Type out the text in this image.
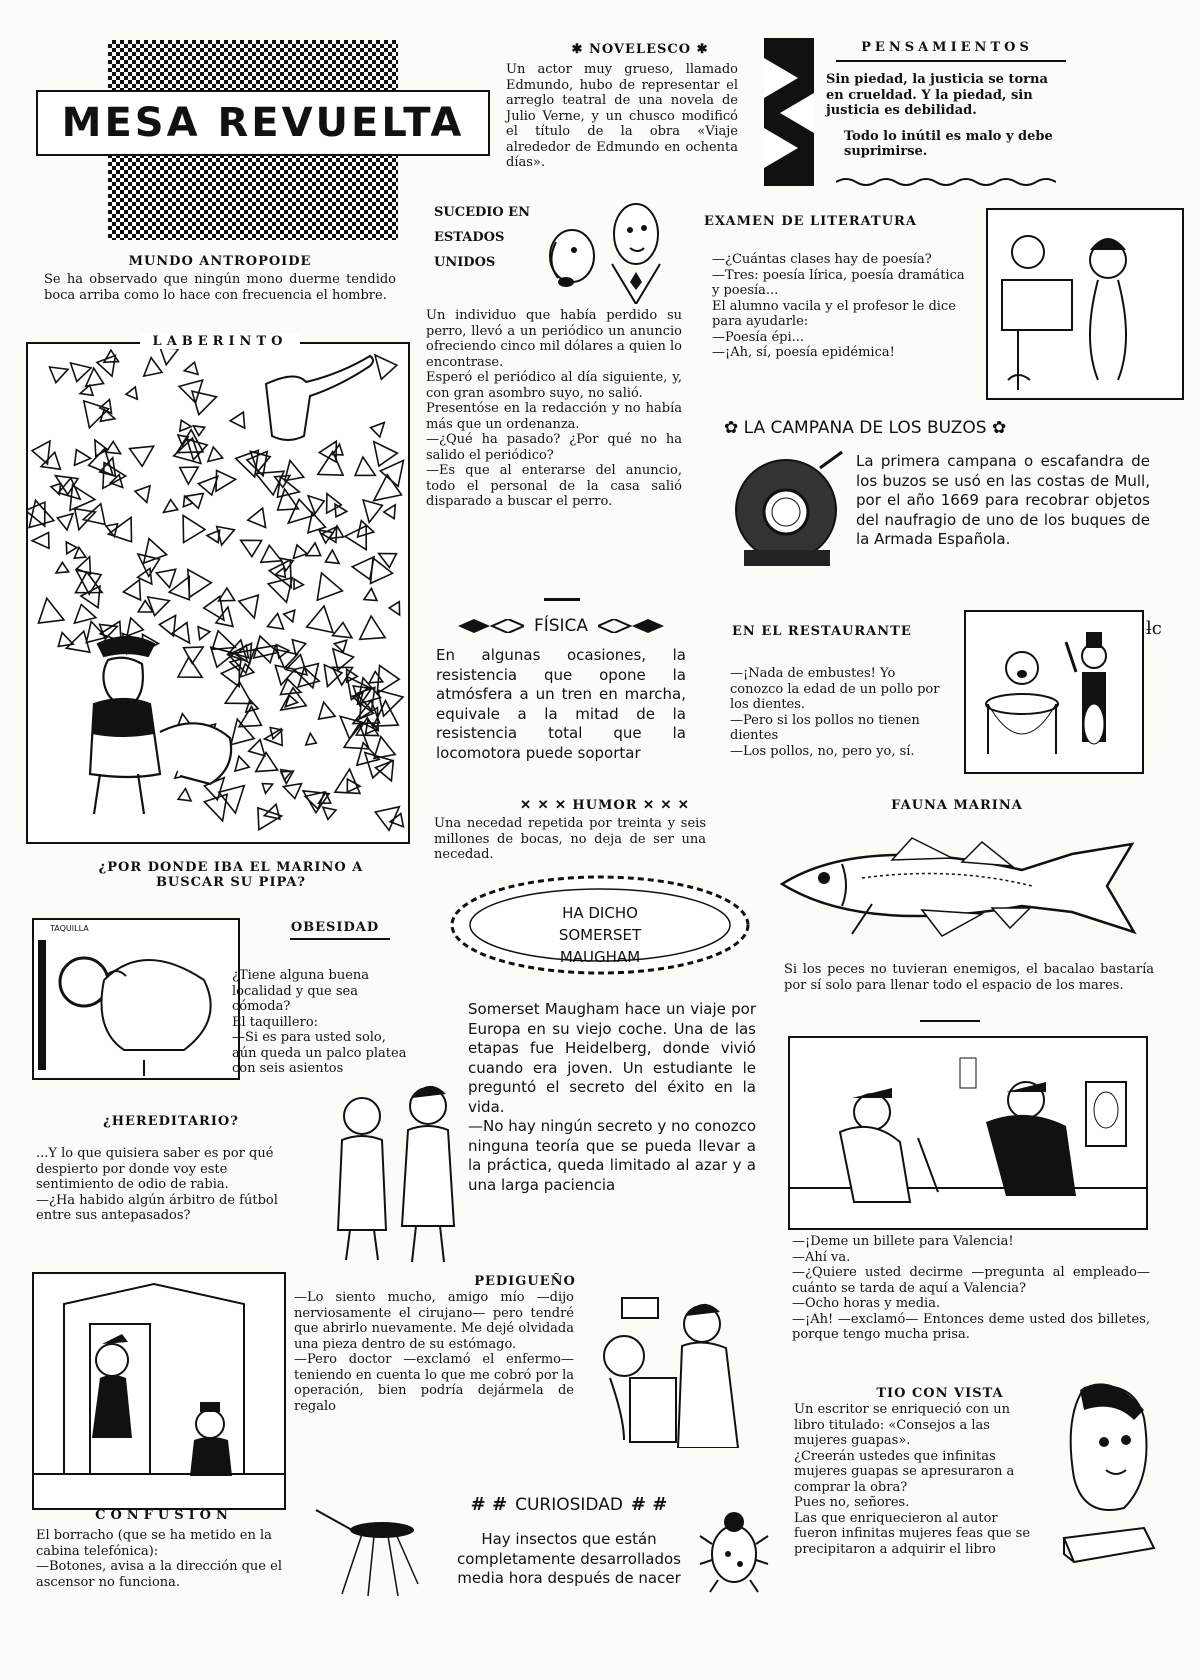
MESA REVUELTA
✱ NOVELESCO ✱

Un actor muy grueso, llamado Edmundo, hubo de representar el arreglo teatral de una novela de Julio Verne, y un chusco modificó el título de la obra «Viaje alrededor de Edmundo en ochenta días».

PENSAMIENTOS

Sin piedad, la justicia se torna en crueldad. Y la piedad, sin justicia es debilidad.

Todo lo inútil es malo y debe suprimirse.

MUNDO ANTROPOIDE

Se ha observado que ningún mono duerme tendido boca arriba como lo hace con frecuencia el hombre.

LABERINTO
¿POR DONDE IBA EL MARINO A BUSCAR SU PIPA?
SUCEDIO EN ESTADOS UNIDOS

Un individuo que había perdido su perro, llevó a un periódico un anuncio ofreciendo cinco mil dólares a quien lo encontrase.
Esperó el periódico al día siguiente, y, con gran asombro suyo, no salió.
Presentóse en la redacción y no había más que un ordenanza.
—¿Qué ha pasado? ¿Por qué no ha salido el periódico?
—Es que al enterarse del anuncio, todo el personal de la casa salió disparado a buscar el perro.

EXAMEN DE LITERATURA

—¿Cuántas clases hay de poesía?
—Tres: poesía lírica, poesía dramática y poesía...
El alumno vacila y el profesor le dice para ayudarle:
—Poesía épi...
—¡Ah, sí, poesía epidémica!

✿ LA CAMPANA DE LOS BUZOS ✿

La primera campana o escafandra de los buzos se usó en las costas de Mull, por el año 1669 para recobrar objetos del naufragio de uno de los buques de la Armada Española.

FÍSICA

En algunas ocasiones, la resistencia que opone la atmósfera a un tren en marcha, equivale a la mitad de la resistencia total que la locomotora puede soportar

EN EL RESTAURANTE

—¡Nada de embustes! Yo conozco la edad de un pollo por los dientes.
—Pero si los pollos no tienen dientes
—Los pollos, no, pero yo, sí.

ƚc
✕ ✕ ✕ HUMOR ✕ ✕ ✕

Una necedad repetida por treinta y seis millones de bocas, no deja de ser una necedad.

FAUNA MARINA

Si los peces no tuvieran enemigos, el bacalao bastaría por sí solo para llenar todo el espacio de los mares.

TAQUILLA	OBESIDAD

¿Tiene alguna buena localidad y que sea cómoda?
El taquillero:
—Si es para usted solo, aún queda un palco platea con seis asientos

HA DICHO SOMERSET MAUGHAM

Somerset Maugham hace un viaje por Europa en su viejo coche. Una de las etapas fue Heidelberg, donde vivió cuando era joven. Un estudiante le preguntó el secreto del éxito en la vida.
—No hay ningún secreto y no conozco ninguna teoría que se pueda llevar a la práctica, queda limitado al azar y a una larga paciencia

¿HEREDITARIO?

...Y lo que quisiera saber es por qué despierto por donde voy este sentimiento de odio de rabia.
—¿Ha habido algún árbitro de fútbol entre sus antepasados?

—¡Deme un billete para Valencia!
—Ahí va.
—¿Quiere usted decirme —pregunta al empleado— cuánto se tarda de aquí a Valencia?
—Ocho horas y media.
—¡Ah! —exclamó— Entonces deme usted dos billetes, porque tengo mucha prisa.

PEDIGUEÑO

—Lo siento mucho, amigo mío —dijo nerviosamente el cirujano— pero tendré que abrirlo nuevamente. Me dejé olvidada una pieza dentro de su estómago.
—Pero doctor —exclamó el enfermo— teniendo en cuenta lo que me cobró por la operación, bien podría dejármela de regalo

CONFUSION

El borracho (que se ha metido en la cabina telefónica):
—Botones, avisa a la dirección que el ascensor no funciona.

# # CURIOSIDAD # #

Hay insectos que están completamente desarrollados media hora después de nacer

TIO CON VISTA

Un escritor se enriqueció con un libro titulado: «Consejos a las mujeres guapas».
¿Creerán ustedes que infinitas mujeres guapas se apresuraron a comprar la obra?
Pues no, señores.
Las que enriquecieron al autor fueron infinitas mujeres feas que se precipitaron a adquirir el libro
